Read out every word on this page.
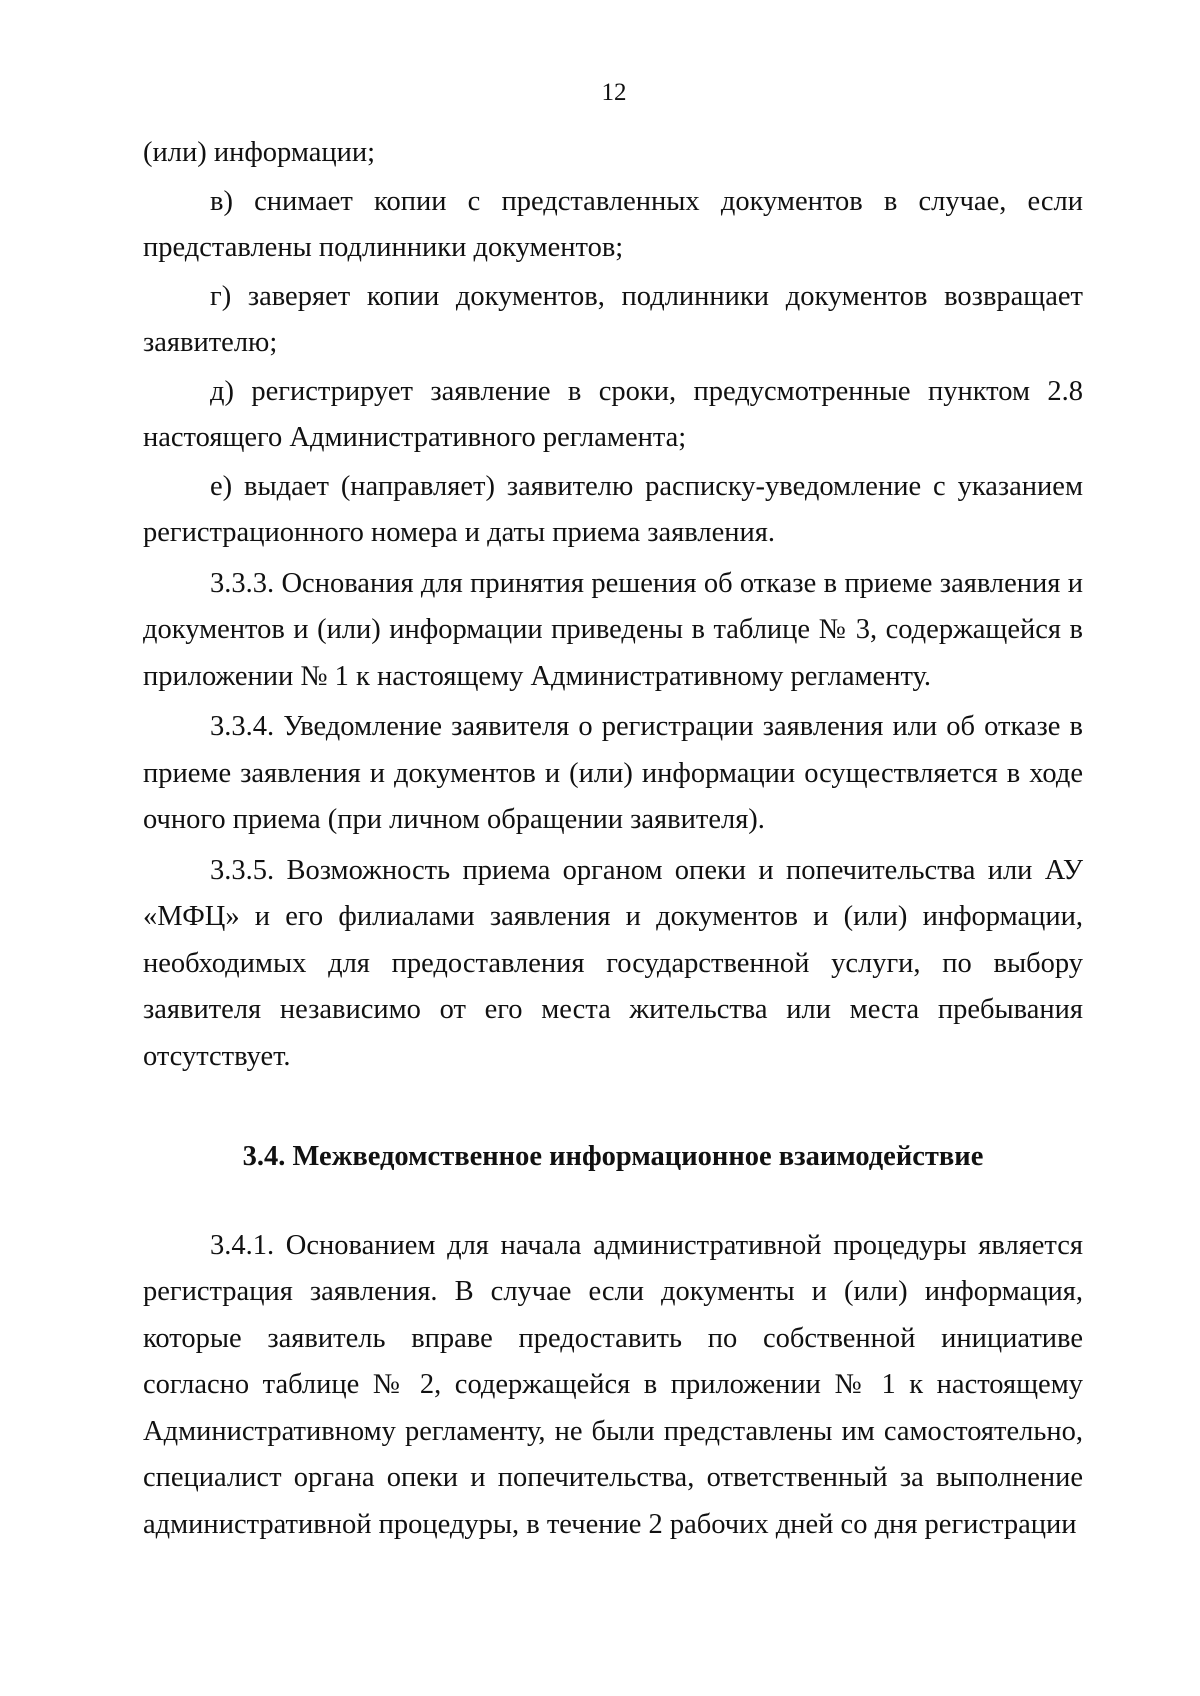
12

(или) информации;

в) снимает копии с представленных документов в случае, если представлены подлинники документов;

г) заверяет копии документов, подлинники документов возвращает заявителю;

д) регистрирует заявление в сроки, предусмотренные пунктом 2.8 настоящего Административного регламента;

е) выдает (направляет) заявителю расписку-уведомление с указанием регистрационного номера и даты приема заявления.

3.3.3. Основания для принятия решения об отказе в приеме заявления и документов и (или) информации приведены в таблице № 3, содержащейся в приложении № 1 к настоящему Административному регламенту.

3.3.4. Уведомление заявителя о регистрации заявления или об отказе в приеме заявления и документов и (или) информации осуществляется в ходе очного приема (при личном обращении заявителя).

3.3.5. Возможность приема органом опеки и попечительства или АУ «МФЦ» и его филиалами заявления и документов и (или) информации, необходимых для предоставления государственной услуги, по выбору заявителя независимо от его места жительства или места пребывания отсутствует.

3.4. Межведомственное информационное взаимодействие

3.4.1. Основанием для начала административной процедуры является регистрация заявления. В случае если документы и (или) информация, которые заявитель вправе предоставить по собственной инициативе согласно таблице № 2, содержащейся в приложении № 1 к настоящему Административному регламенту, не были представлены им самостоятельно, специалист органа опеки и попечительства, ответственный за выполнение административной процедуры, в течение 2 рабочих дней со дня регистрации
